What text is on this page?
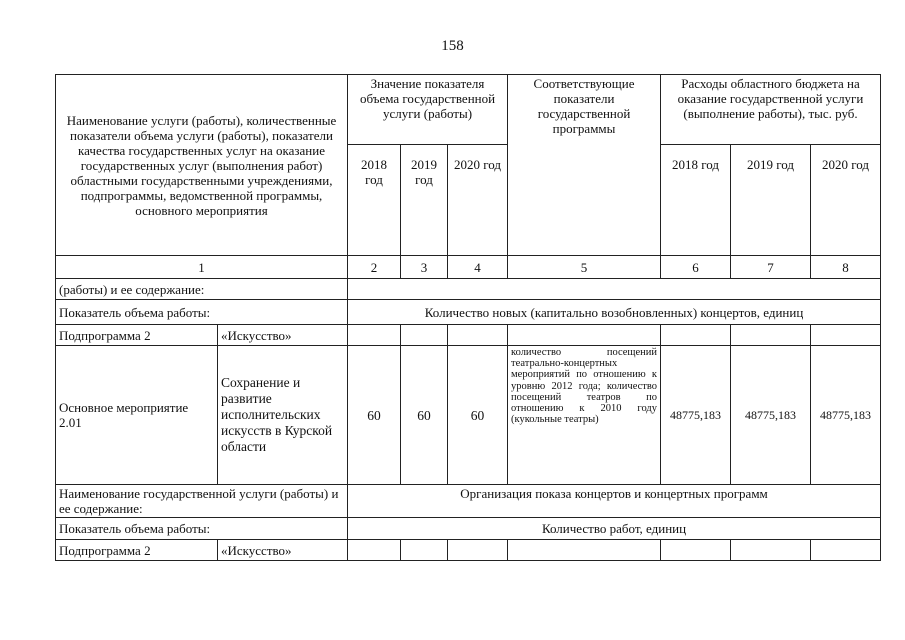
158
Наименование услуги (работы), количественные показатели объема услуги (работы), показатели качества государственных услуг на оказание государственных услуг (выполнения работ) областными государственными учреждениями, подпрограммы, ведомственной программы, основного мероприятия		Значение показателя объема государственной услуги (работы)			Соответствующие показатели государственной программы	Расходы областного бюджета на оказание государственной услуги (выполнение работы), тыс. руб.		
		2018 год	2019 год	2020 год		2018 год	2019 год	2020 год
1		2	3	4	5	6	7	8
(работы) и ее содержание:								
Показатель объема работы:		Количество новых (капитально возобновленных) концертов, единиц						
Подпрограмма 2	«Искусство»							
Основное мероприятие 2.01	Сохранение и развитие исполнительских искусств в Курской области	60	60	60	количество посещений театрально-концертных мероприятий по отношению к уровню 2012 года; количество посещений театров по отношению к 2010 году (кукольные театры)	48775,183	48775,183	48775,183
Наименование государственной услуги (работы) и ее содержание:		Организация показа концертов и концертных программ						
Показатель объема работы:		Количество работ, единиц						
Подпрограмма 2	«Искусство»							
